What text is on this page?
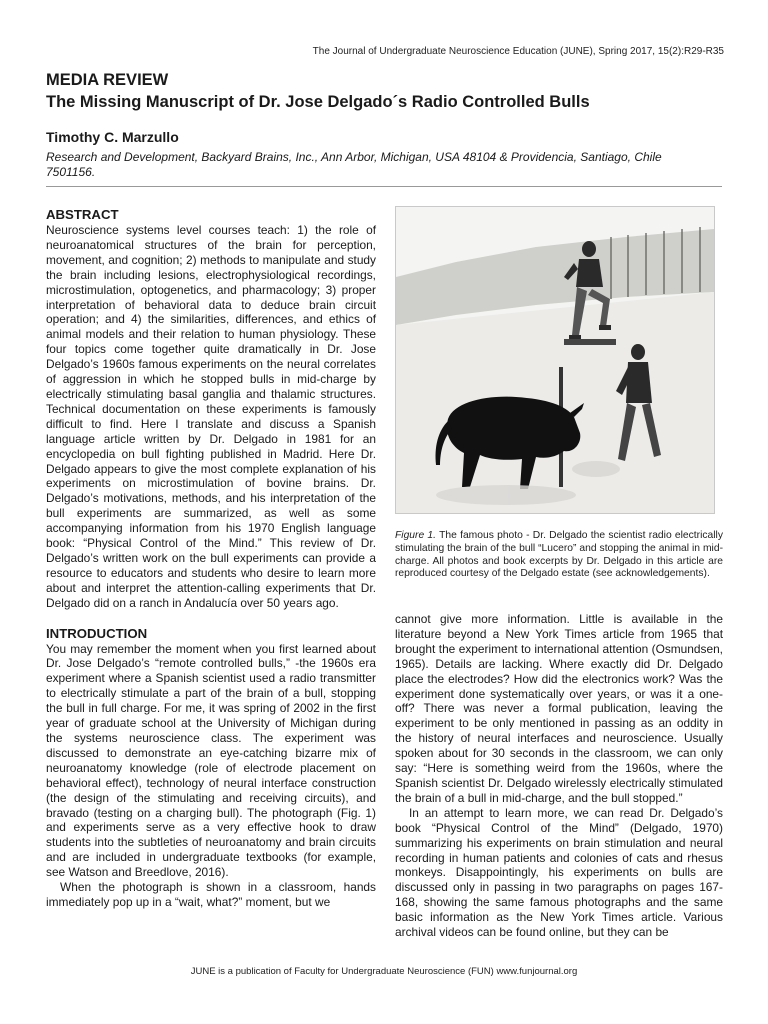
The Journal of Undergraduate Neuroscience Education (JUNE), Spring 2017, 15(2):R29-R35
MEDIA REVIEW
The Missing Manuscript of Dr. Jose Delgado´s Radio Controlled Bulls
Timothy C. Marzullo
Research and Development, Backyard Brains, Inc., Ann Arbor, Michigan, USA 48104 & Providencia, Santiago, Chile 7501156.
ABSTRACT

Neuroscience systems level courses teach: 1) the role of neuroanatomical structures of the brain for perception, movement, and cognition; 2) methods to manipulate and study the brain including lesions, electrophysiological recordings, microstimulation, optogenetics, and pharmacology; 3) proper interpretation of behavioral data to deduce brain circuit operation; and 4) the similarities, differences, and ethics of animal models and their relation to human physiology. These four topics come together quite dramatically in Dr. Jose Delgado’s 1960s famous experiments on the neural correlates of aggression in which he stopped bulls in mid-charge by electrically stimulating basal ganglia and thalamic structures. Technical documentation on these experiments is famously difficult to find. Here I translate and discuss a Spanish language article written by Dr. Delgado in 1981 for an encyclopedia on bull fighting published in Madrid. Here Dr. Delgado appears to give the most complete explanation of his experiments on microstimulation of bovine brains. Dr. Delgado’s motivations, methods, and his interpretation of the bull experiments are summarized, as well as some accompanying information from his 1970 English language book: “Physical Control of the Mind.” This review of Dr. Delgado’s written work on the bull experiments can provide a resource to educators and students who desire to learn more about and interpret the attention-calling experiments that Dr. Delgado did on a ranch in Andalucía over 50 years ago.

INTRODUCTION

You may remember the moment when you first learned about Dr. Jose Delgado’s “remote controlled bulls,” -the 1960s era experiment where a Spanish scientist used a radio transmitter to electrically stimulate a part of the brain of a bull, stopping the bull in full charge. For me, it was spring of 2002 in the first year of graduate school at the University of Michigan during the systems neuroscience class. The experiment was discussed to demonstrate an eye-catching bizarre mix of neuroanatomy knowledge (role of electrode placement on behavioral effect), technology of neural interface construction (the design of the stimulating and receiving circuits), and bravado (testing on a charging bull). The photograph (Fig. 1) and experiments serve as a very effective hook to draw students into the subtleties of neuroanatomy and brain circuits and are included in undergraduate textbooks (for example, see Watson and Breedlove, 2016).

When the photograph is shown in a classroom, hands immediately pop up in a “wait, what?” moment, but we

Figure 1. The famous photo - Dr. Delgado the scientist radio electrically stimulating the brain of the bull “Lucero” and stopping the animal in mid-charge. All photos and book excerpts by Dr. Delgado in this article are reproduced courtesy of the Delgado estate (see acknowledgements).

cannot give more information. Little is available in the literature beyond a New York Times article from 1965 that brought the experiment to international attention (Osmundsen, 1965). Details are lacking. Where exactly did Dr. Delgado place the electrodes? How did the electronics work? Was the experiment done systematically over years, or was it a one-off? There was never a formal publication, leaving the experiment to be only mentioned in passing as an oddity in the history of neural interfaces and neuroscience. Usually spoken about for 30 seconds in the classroom, we can only say: “Here is something weird from the 1960s, where the Spanish scientist Dr. Delgado wirelessly electrically stimulated the brain of a bull in mid-charge, and the bull stopped.”

In an attempt to learn more, we can read Dr. Delgado’s book “Physical Control of the Mind” (Delgado, 1970) summarizing his experiments on brain stimulation and neural recording in human patients and colonies of cats and rhesus monkeys. Disappointingly, his experiments on bulls are discussed only in passing in two paragraphs on pages 167-168, showing the same famous photographs and the same basic information as the New York Times article. Various archival videos can be found online, but they can be

JUNE is a publication of Faculty for Undergraduate Neuroscience (FUN) www.funjournal.org
